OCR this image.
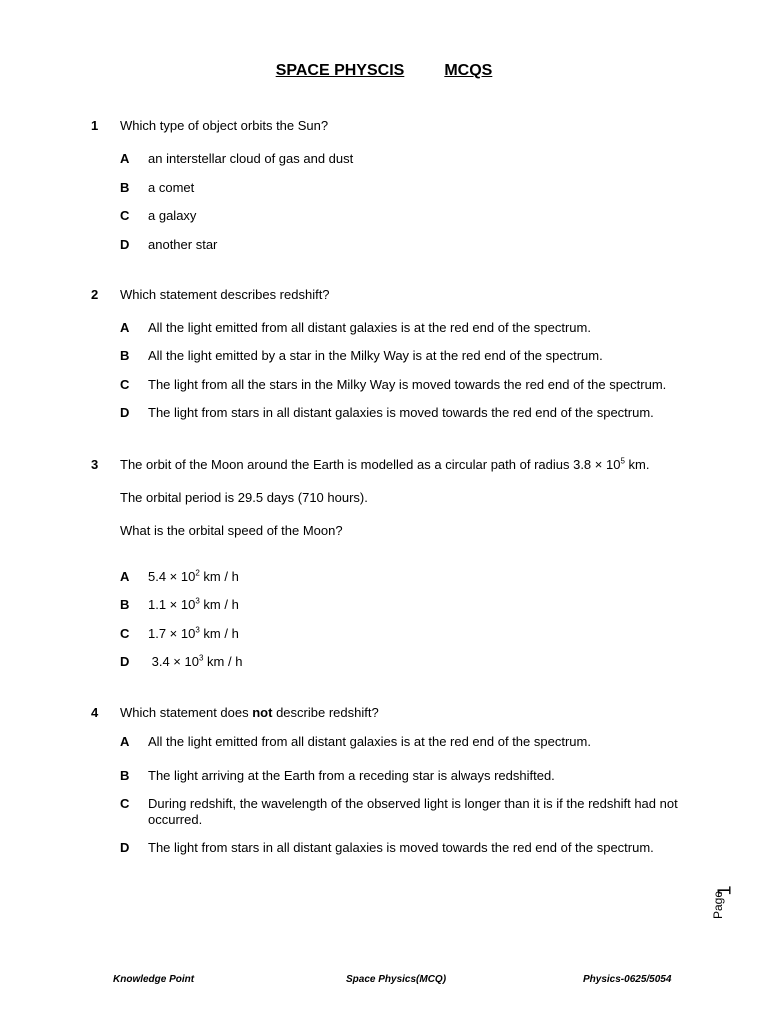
SPACE PHYSCIS	MCQS
1 Which type of object orbits the Sun?
A an interstellar cloud of gas and dust
B a comet
C a galaxy
D another star
2 Which statement describes redshift?
A All the light emitted from all distant galaxies is at the red end of the spectrum.
B All the light emitted by a star in the Milky Way is at the red end of the spectrum.
C The light from all the stars in the Milky Way is moved towards the red end of the spectrum.
D The light from stars in all distant galaxies is moved towards the red end of the spectrum.
3 The orbit of the Moon around the Earth is modelled as a circular path of radius $3.8 \times 10^5$ km.
The orbital period is 29.5 days (710 hours).
What is the orbital speed of the Moon?
A $5.4 \times 10^2$ km / h
B $1.1 \times 10^3$ km / h
C $1.7 \times 10^3$ km / h
D $3.4 \times 10^3$ km / h
4 Which statement does not describe redshift?
A All the light emitted from all distant galaxies is at the red end of the spectrum.
B The light arriving at the Earth from a receding star is always redshifted.
C During redshift, the wavelength of the observed light is longer than it is if the redshift had not occurred.
D The light from stars in all distant galaxies is moved towards the red end of the spectrum.
Page
1
Knowledge Point	Space Physics(MCQ)	Physics-0625/5054
